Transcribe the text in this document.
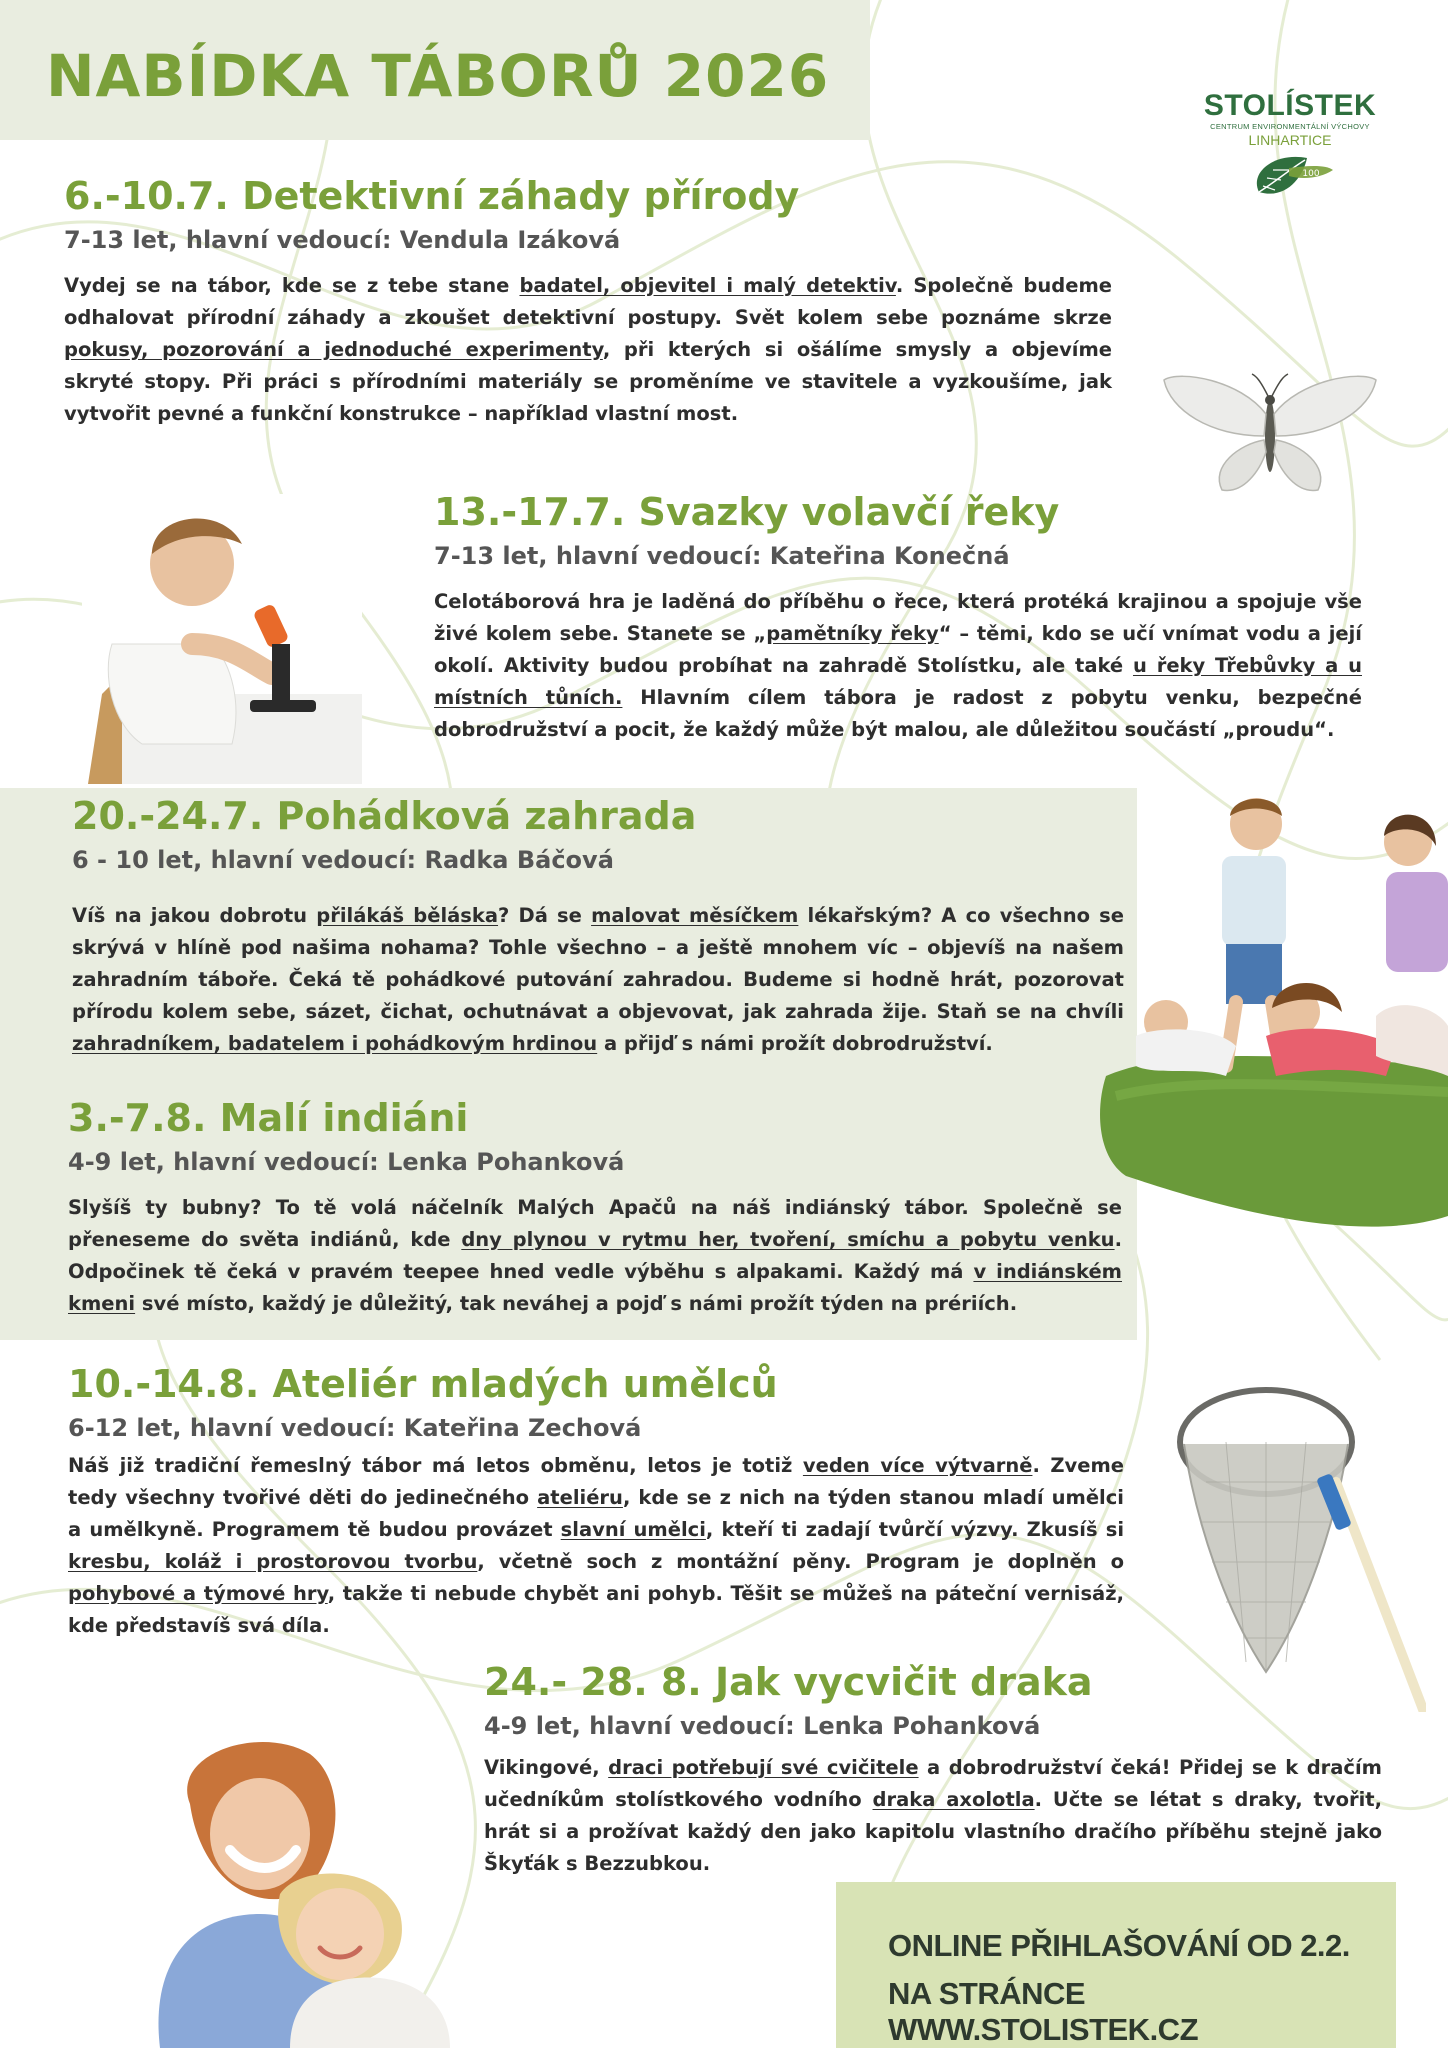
NABÍDKA TÁBORŮ 2026	STOLÍSTEK
CENTRUM ENVIRONMENTÁLNÍ VÝCHOVY
LINHARTICE
100
6.-10.7. Detektivní záhady přírody
7-13 let, hlavní vedoucí: Vendula Izáková

Vydej se na tábor, kde se z tebe stane badatel, objevitel i malý detektiv. Společně budeme odhalovat přírodní záhady a zkoušet detektivní postupy. Svět kolem sebe poznáme skrze pokusy, pozorování a jednoduché experimenty, při kterých si ošálíme smysly a objevíme skryté stopy. Při práci s přírodními materiály se proměníme ve stavitele a vyzkoušíme, jak vytvořit pevné a funkční konstrukce – například vlastní most.

13.-17.7. Svazky volavčí řeky
7-13 let, hlavní vedoucí: Kateřina Konečná

Celotáborová hra je laděná do příběhu o řece, která protéká krajinou a spojuje vše živé kolem sebe. Stanete se „pamětníky řeky“ – těmi, kdo se učí vnímat vodu a její okolí. Aktivity budou probíhat na zahradě Stolístku, ale také u řeky Třebůvky a u místních tůních. Hlavním cílem tábora je radost z pobytu venku, bezpečné dobrodružství a pocit, že každý může být malou, ale důležitou součástí „proudu“.

20.-24.7. Pohádková zahrada
6 - 10 let, hlavní vedoucí: Radka Báčová

Víš na jakou dobrotu přilákáš běláska? Dá se malovat měsíčkem lékařským? A co všechno se skrývá v hlíně pod našima nohama? Tohle všechno – a ještě mnohem víc – objevíš na našem zahradním táboře. Čeká tě pohádkové putování zahradou. Budeme si hodně hrát, pozorovat přírodu kolem sebe, sázet, čichat, ochutnávat a objevovat, jak zahrada žije. Staň se na chvíli zahradníkem, badatelem i pohádkovým hrdinou a přijď s námi prožít dobrodružství.

3.-7.8. Malí indiáni
4-9 let, hlavní vedoucí: Lenka Pohanková

Slyšíš ty bubny? To tě volá náčelník Malých Apačů na náš indiánský tábor. Společně se přeneseme do světa indiánů, kde dny plynou v rytmu her, tvoření, smíchu a pobytu venku. Odpočinek tě čeká v pravém teepee hned vedle výběhu s alpakami. Každý má v indiánském kmeni své místo, každý je důležitý, tak neváhej a pojď s námi prožít týden na prériích.

10.-14.8. Ateliér mladých umělců
6-12 let, hlavní vedoucí: Kateřina Zechová

Náš již tradiční řemeslný tábor má letos obměnu, letos je totiž veden více výtvarně. Zveme tedy všechny tvořivé děti do jedinečného ateliéru, kde se z nich na týden stanou mladí umělci a umělkyně. Programem tě budou provázet slavní umělci, kteří ti zadají tvůrčí výzvy. Zkusíš si kresbu, koláž i prostorovou tvorbu, včetně soch z montážní pěny. Program je doplněn o pohybové a týmové hry, takže ti nebude chybět ani pohyb. Těšit se můžeš na páteční vernisáž, kde představíš svá díla.

24.- 28. 8. Jak vycvičit draka
4-9 let, hlavní vedoucí: Lenka Pohanková

Vikingové, draci potřebují své cvičitele a dobrodružství čeká! Přidej se k dračím učedníkům stolístkového vodního draka axolotla. Učte se létat s draky, tvořit, hrát si a prožívat každý den jako kapitolu vlastního dračího příběhu stejně jako Škyťák s Bezzubkou.

ONLINE PŘIHLAŠOVÁNÍ OD 2.2.
NA STRÁNCE WWW.STOLISTEK.CZ
